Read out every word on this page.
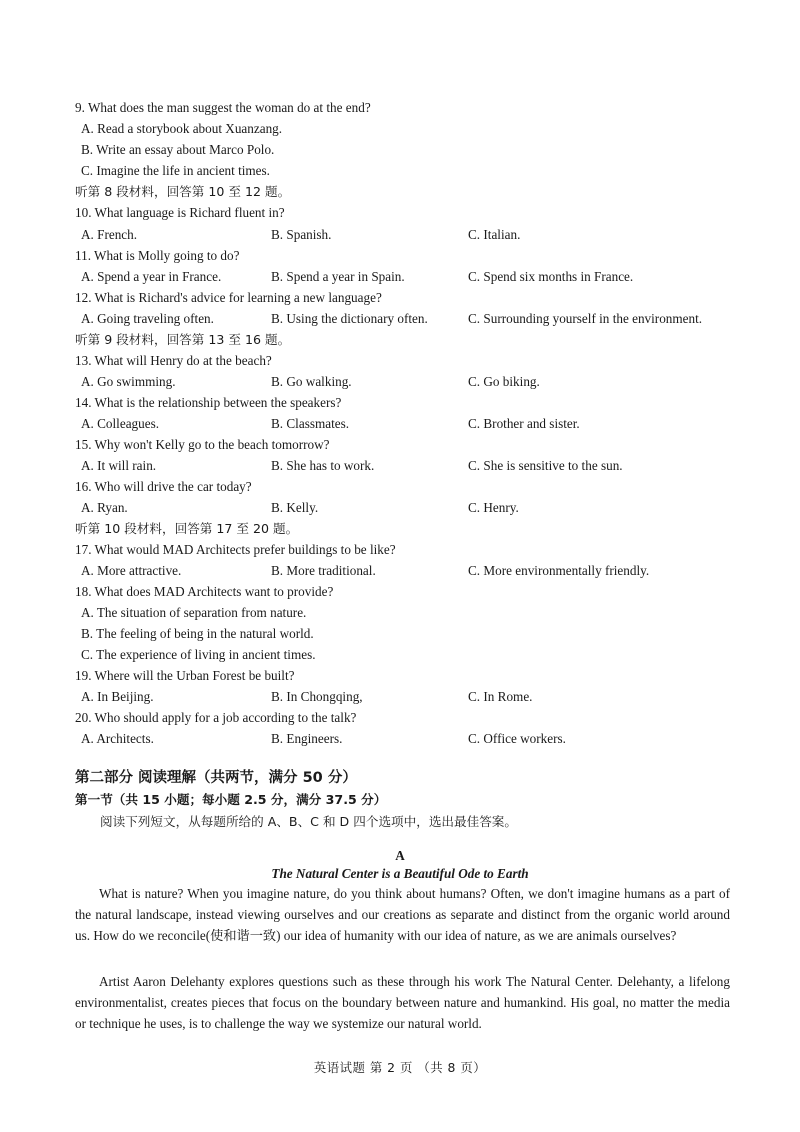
9. What does the man suggest the woman do at the end?
A. Read a storybook about Xuanzang.
B. Write an essay about Marco Polo.
C. Imagine the life in ancient times.
听第 8 段材料，回答第 10 至 12 题。
10. What language is Richard fluent in?
A. French.	B. Spanish.	C. Italian.
11. What is Molly going to do?
A. Spend a year in France.	B. Spend a year in Spain.	C. Spend six months in France.
12. What is Richard's advice for learning a new language?
A. Going traveling often.	B. Using the dictionary often.	C. Surrounding yourself in the environment.
听第 9 段材料，回答第 13 至 16 题。
13. What will Henry do at the beach?
A. Go swimming.	B. Go walking.	C. Go biking.
14. What is the relationship between the speakers?
A. Colleagues.	B. Classmates.	C. Brother and sister.
15. Why won't Kelly go to the beach tomorrow?
A. It will rain.	B. She has to work.	C. She is sensitive to the sun.
16. Who will drive the car today?
A. Ryan.	B. Kelly.	C. Henry.
听第 10 段材料，回答第 17 至 20 题。
17. What would MAD Architects prefer buildings to be like?
A. More attractive.	B. More traditional.	C. More environmentally friendly.
18. What does MAD Architects want to provide?
A. The situation of separation from nature.
B. The feeling of being in the natural world.
C. The experience of living in ancient times.
19. Where will the Urban Forest be built?
A. In Beijing.	B. In Chongqing,	C. In Rome.
20. Who should apply for a job according to the talk?
A. Architects.	B. Engineers.	C. Office workers.
第二部分 阅读理解（共两节，满分 50 分）
第一节（共 15 小题；每小题 2.5 分，满分 37.5 分）
阅读下列短文，从每题所给的 A、B、C 和 D 四个选项中，选出最佳答案。
A
The Natural Center is a Beautiful Ode to Earth
What is nature? When you imagine nature, do you think about humans? Often, we don't imagine humans as a part of the natural landscape, instead viewing ourselves and our creations as separate and distinct from the organic world around us. How do we reconcile(使和谐一致) our idea of humanity with our idea of nature, as we are animals ourselves?
Artist Aaron Delehanty explores questions such as these through his work The Natural Center. Delehanty, a lifelong environmentalist, creates pieces that focus on the boundary between nature and humankind. His goal, no matter the media or technique he uses, is to challenge the way we systemize our natural world.
英语试题 第 2 页 （共 8 页）
